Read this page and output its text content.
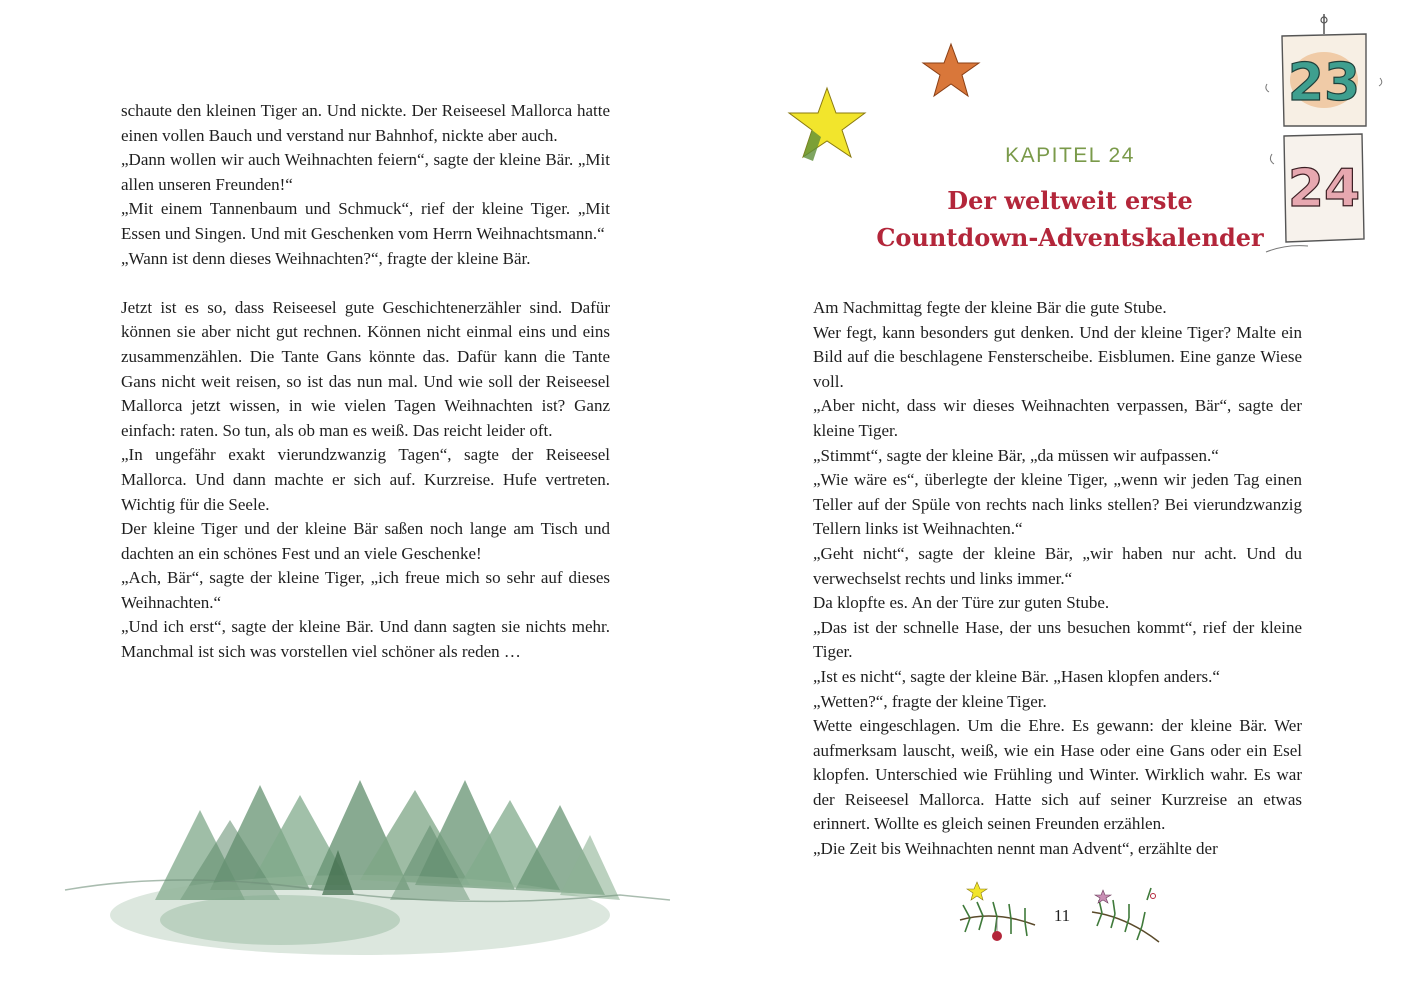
schaute den kleinen Tiger an. Und nickte. Der Reiseesel Mallorca hatte einen vollen Bauch und verstand nur Bahnhof, nickte aber auch.

„Dann wollen wir auch Weihnachten feiern“, sagte der kleine Bär. „Mit allen unseren Freunden!“

„Mit einem Tannenbaum und Schmuck“, rief der kleine Tiger. „Mit Essen und Singen. Und mit Geschenken vom Herrn Weihnachtsmann.“

„Wann ist denn dieses Weihnachten?“, fragte der kleine Bär.

Jetzt ist es so, dass Reiseesel gute Geschichtenerzähler sind. Dafür können sie aber nicht gut rechnen. Können nicht einmal eins und eins zusammenzählen. Die Tante Gans könnte das. Dafür kann die Tante Gans nicht weit reisen, so ist das nun mal. Und wie soll der Reiseesel Mallorca jetzt wissen, in wie vielen Tagen Weihnachten ist? Ganz einfach: raten. So tun, als ob man es weiß. Das reicht leider oft.

„In ungefähr exakt vierundzwanzig Tagen“, sagte der Reiseesel Mallorca. Und dann machte er sich auf. Kurzreise. Hufe vertreten. Wichtig für die Seele.

Der kleine Tiger und der kleine Bär saßen noch lange am Tisch und dachten an ein schönes Fest und an viele Geschenke!

„Ach, Bär“, sagte der kleine Tiger, „ich freue mich so sehr auf dieses Weihnachten.“

„Und ich erst“, sagte der kleine Bär. Und dann sagten sie nichts mehr. Manchmal ist sich was vorstellen viel schöner als reden …

KAPITEL 24
Der weltweit erste
Countdown-Adventskalender
23
24

Am Nachmittag fegte der kleine Bär die gute Stube.

Wer fegt, kann besonders gut denken. Und der kleine Tiger? Malte ein Bild auf die beschlagene Fensterscheibe. Eisblumen. Eine ganze Wiese voll.

„Aber nicht, dass wir dieses Weihnachten verpassen, Bär“, sagte der kleine Tiger.

„Stimmt“, sagte der kleine Bär, „da müssen wir aufpassen.“

„Wie wäre es“, überlegte der kleine Tiger, „wenn wir jeden Tag einen Teller auf der Spüle von rechts nach links stellen? Bei vierundzwanzig Tellern links ist Weihnachten.“

„Geht nicht“, sagte der kleine Bär, „wir haben nur acht. Und du verwechselst rechts und links immer.“

Da klopfte es. An der Türe zur guten Stube.

„Das ist der schnelle Hase, der uns besuchen kommt“, rief der kleine Tiger.

„Ist es nicht“, sagte der kleine Bär. „Hasen klopfen anders.“

„Wetten?“, fragte der kleine Tiger.

Wette eingeschlagen. Um die Ehre. Es gewann: der kleine Bär. Wer aufmerksam lauscht, weiß, wie ein Hase oder eine Gans oder ein Esel klopfen. Unterschied wie Frühling und Winter. Wirklich wahr. Es war der Reiseesel Mallorca. Hatte sich auf seiner Kurzreise an etwas erinnert. Wollte es gleich seinen Freunden erzählen.

„Die Zeit bis Weihnachten nennt man Advent“, erzählte der

11
